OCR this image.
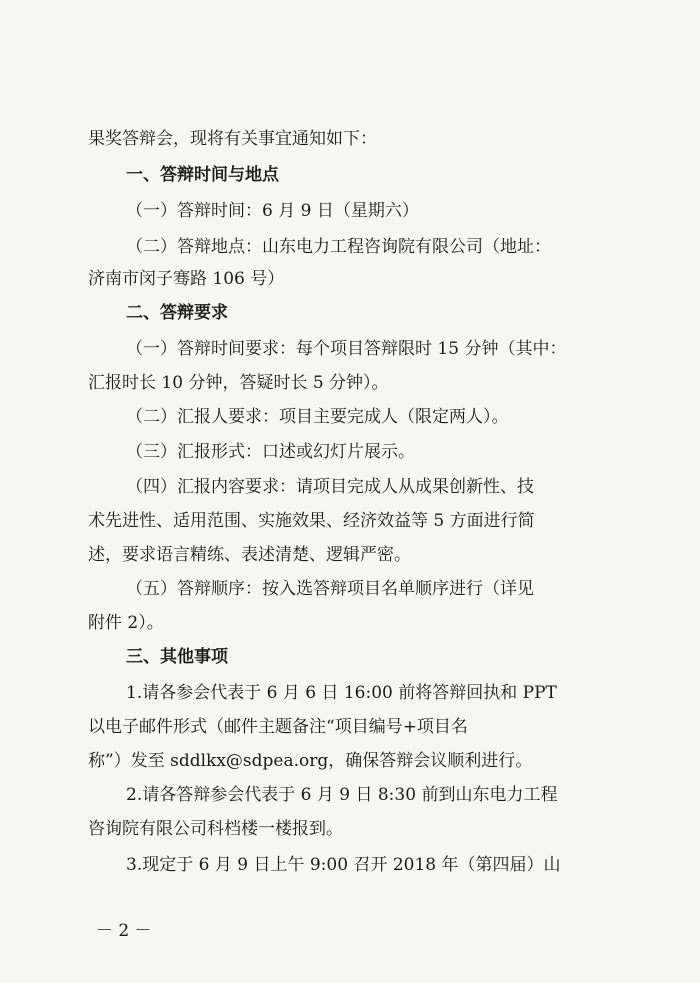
果奖答辩会，现将有关事宜通知如下：
一、答辩时间与地点
（一）答辩时间：6 月 9 日（星期六）
（二）答辩地点：山东电力工程咨询院有限公司（地址：
济南市闵子骞路 106 号）
二、答辩要求
（一）答辩时间要求：每个项目答辩限时 15 分钟（其中：
汇报时长 10 分钟，答疑时长 5 分钟）。
（二）汇报人要求：项目主要完成人（限定两人）。
（三）汇报形式：口述或幻灯片展示。
（四）汇报内容要求：请项目完成人从成果创新性、技
术先进性、适用范围、实施效果、经济效益等 5 方面进行简
述，要求语言精练、表述清楚、逻辑严密。
（五）答辩顺序：按入选答辩项目名单顺序进行（详见
附件 2）。
三、其他事项
1.请各参会代表于 6 月 6 日 16:00 前将答辩回执和 PPT
以电子邮件形式（邮件主题备注“项目编号+项目名
称”）发至 sddlkx@sdpea.org，确保答辩会议顺利进行。
2.请各答辩参会代表于 6 月 9 日 8:30 前到山东电力工程
咨询院有限公司科档楼一楼报到。
3.现定于 6 月 9 日上午 9:00 召开 2018 年（第四届）山
－ 2 －
